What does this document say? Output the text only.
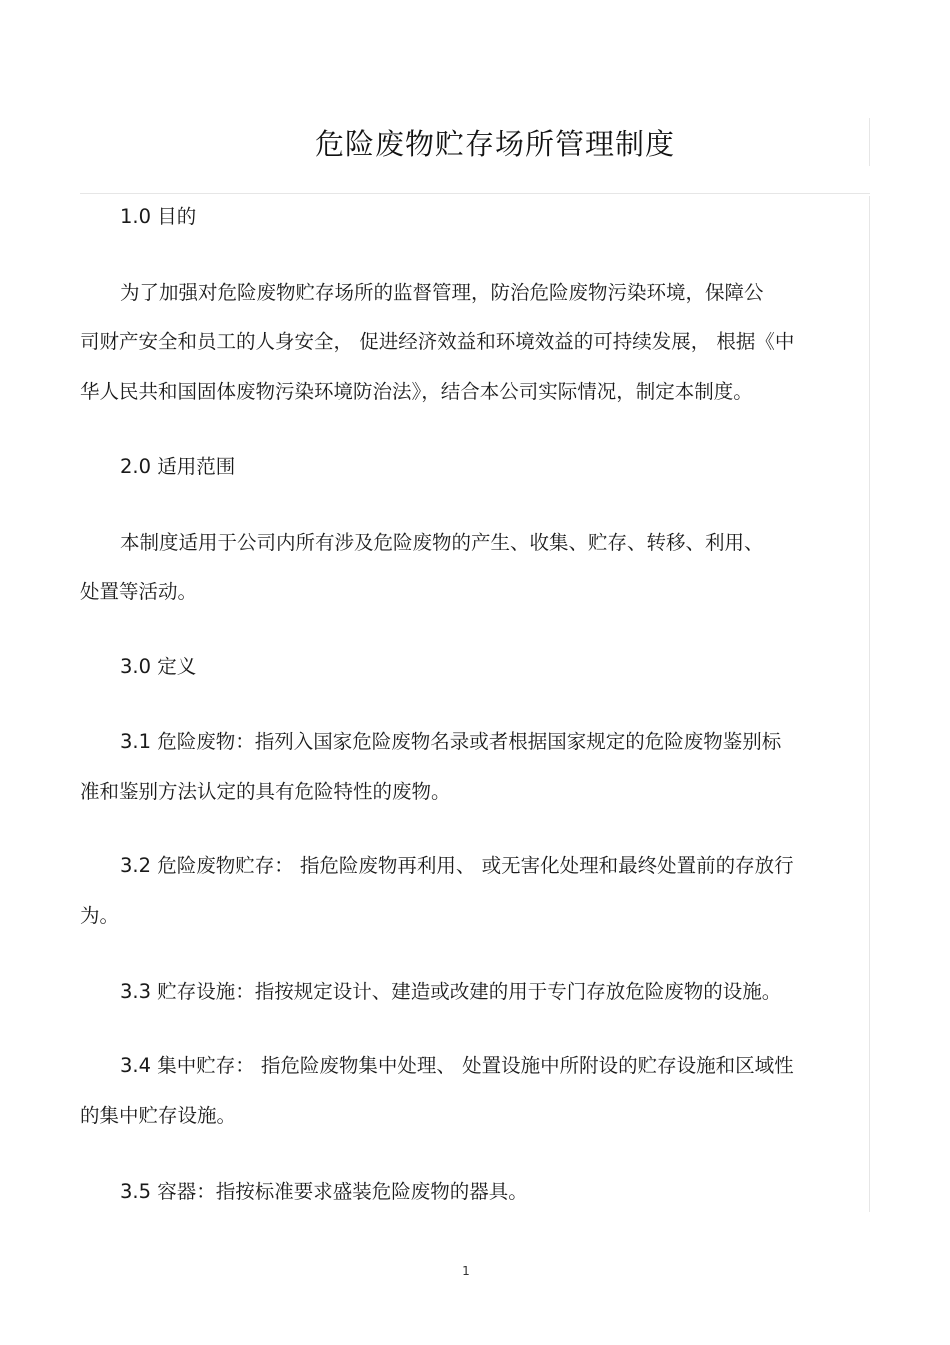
危险废物贮存场所管理制度

1.0 目的

为了加强对危险废物贮存场所的监督管理，防治危险废物污染环境，保障公

司财产安全和员工的人身安全， 促进经济效益和环境效益的可持续发展， 根据《中

华人民共和国固体废物污染环境防治法》，结合本公司实际情况，制定本制度。

2.0 适用范围

本制度适用于公司内所有涉及危险废物的产生、收集、贮存、转移、利用、

处置等活动。

3.0 定义

3.1 危险废物：指列入国家危险废物名录或者根据国家规定的危险废物鉴别标

准和鉴别方法认定的具有危险特性的废物。

3.2 危险废物贮存： 指危险废物再利用、 或无害化处理和最终处置前的存放行

为。

3.3 贮存设施：指按规定设计、建造或改建的用于专门存放危险废物的设施。

3.4 集中贮存： 指危险废物集中处理、 处置设施中所附设的贮存设施和区域性

的集中贮存设施。

3.5 容器：指按标准要求盛装危险废物的器具。

1
